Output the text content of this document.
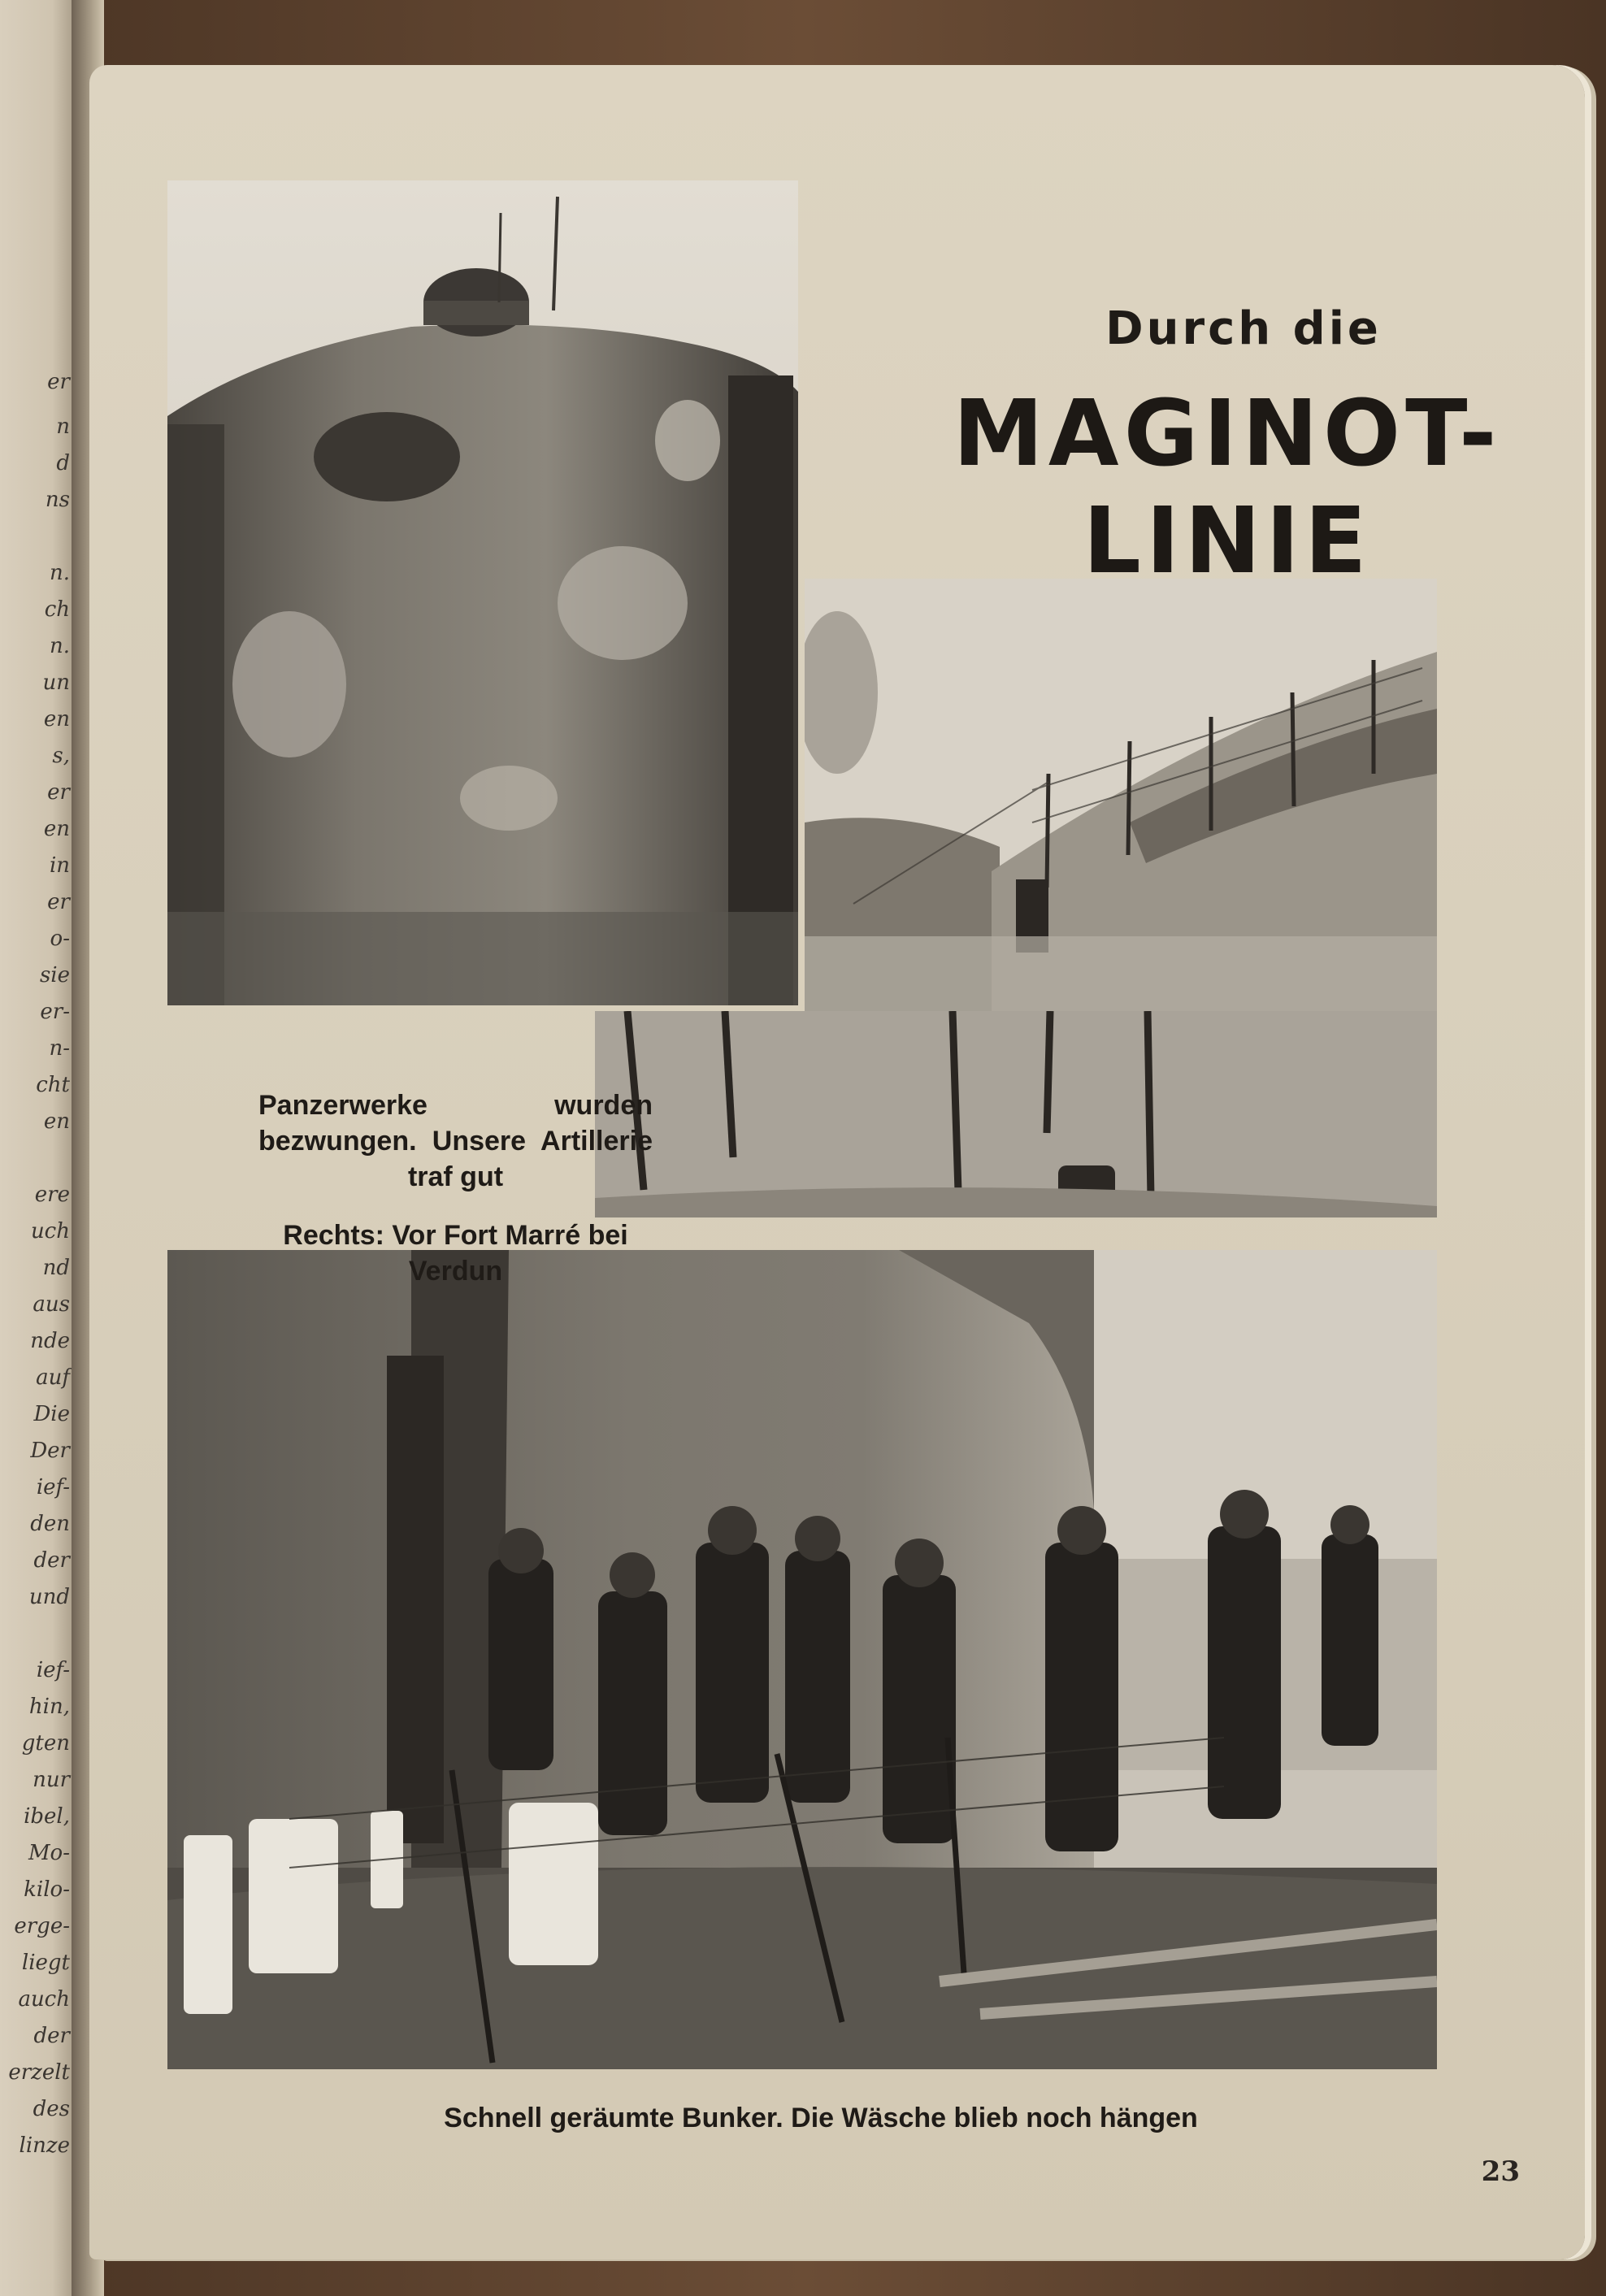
er
n
d
ns
n.
ch
n.
un
en
s,
er
en
in
er
o-
sie
er-
n-
cht
en
ere
uch
nd
aus
nde
auf
Die
Der
ief-
den
der
und
ief-
hin,
gten
nur
ibel,
Mo-
kilo-
erge-
liegt
auch
der
erzelt
des
linze
Durch die
MAGINOT-
LINIE
Panzerwerke wurden bezwungen. Unsere Artillerie traf gut
Rechts: Vor Fort Marré bei Verdun
Schnell geräumte Bunker. Die Wäsche blieb noch hängen
23
